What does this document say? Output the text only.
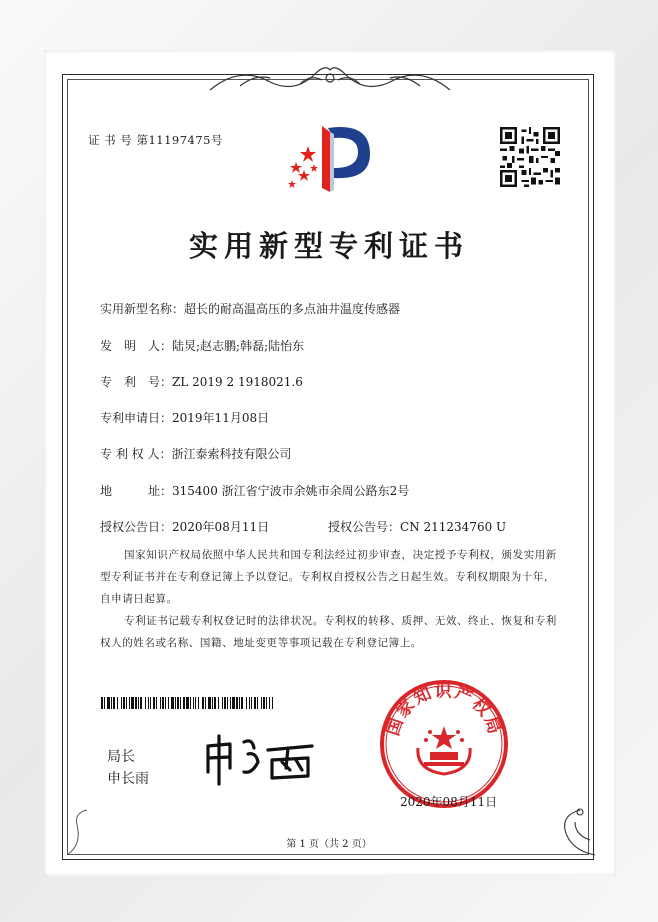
证 书 号 第11197475号
实用新型专利证书
实用新型名称：超长的耐高温高压的多点油井温度传感器
发　明　人：陆炅;赵志鹏;韩磊;陆怡东
专　利　号：ZL 2019 2 1918021.6
专利申请日：2019年11月08日
专 利 权 人：浙江泰索科技有限公司
地　　　址：315400 浙江省宁波市余姚市余周公路东2号
授权公告日：2020年08月11日	授权公告号：CN 211234760 U
国家知识产权局依照中华人民共和国专利法经过初步审查，决定授予专利权，颁发实用新型专利证书并在专利登记簿上予以登记。专利权自授权公告之日起生效。专利权期限为十年，自申请日起算。
专利证书记载专利权登记时的法律状况。专利权的转移、质押、无效、终止、恢复和专利权人的姓名或名称、国籍、地址变更等事项记载在专利登记簿上。
局长
申长雨
国家知识产权局
2020年08月11日
第 1 页（共 2 页）
